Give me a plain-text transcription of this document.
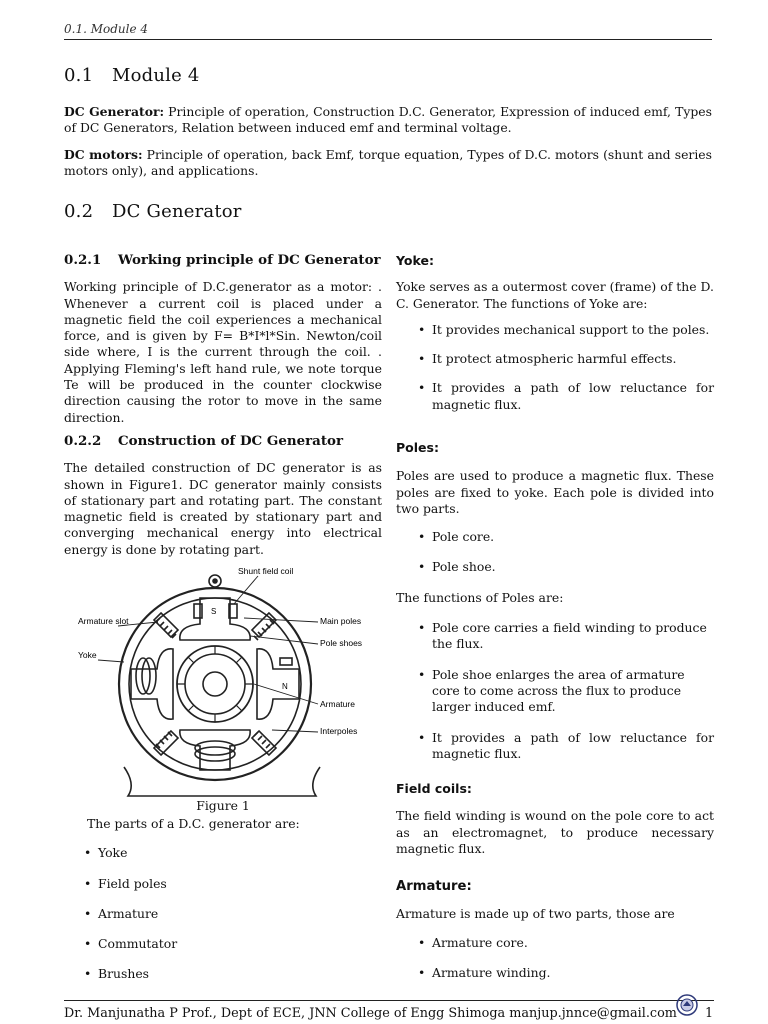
0.1. Module 4
0.1 Module 4

DC Generator: Principle of operation, Construction D.C. Generator, Expression of induced emf, Types of DC Generators, Relation between induced emf and terminal voltage.

DC motors: Principle of operation, back Emf, torque equation, Types of D.C. motors (shunt and series motors only), and applications.

0.2 DC Generator
0.2.1 Working principle of DC Generator

Working principle of D.C.generator as a motor: . Whenever a current coil is placed under a magnetic field the coil experiences a mechanical force, and is given by F= B*I*l*Sin. Newton/coil side where, I is the current through the coil. . Applying Fleming's left hand rule, we note torque Te will be produced in the counter clockwise direction causing the rotor to move in the same direction.

0.2.2 Construction of DC Generator

The detailed construction of DC generator is as shown in Figure1. DC generator mainly consists of stationary part and rotating part. The constant magnetic field is created by stationary part and converging mechanical energy into electrical energy is done by rotating part.

Shunt field coil
Armature slot
Yoke
Main poles
Pole shoes
Armature
Interpoles
S
N
Figure 1

The parts of a D.C. generator are:

• Yoke
• Field poles
• Armature
• Commutator
• Brushes
Yoke:

Yoke serves as a outermost cover (frame) of the D. C. Generator. The functions of Yoke are:

• It provides mechanical support to the poles.
• It protect atmospheric harmful effects.
• It provides a path of low reluctance for magnetic flux.
Poles:

Poles are used to produce a magnetic flux. These poles are fixed to yoke. Each pole is divided into two parts.

• Pole core.
• Pole shoe.

The functions of Poles are:

• Pole core carries a field winding to produce the flux.
• Pole shoe enlarges the area of armature core to come across the flux to produce larger induced emf.
• It provides a path of low reluctance for magnetic flux.
Field coils:

The field winding is wound on the pole core to act as an electromagnet, to produce necessary magnetic flux.

Armature:

Armature is made up of two parts, those are

• Armature core.
• Armature winding.
Dr. Manjunatha P Prof., Dept of ECE, JNN College of Engg Shimoga manjup.jnnce@gmail.com 1
